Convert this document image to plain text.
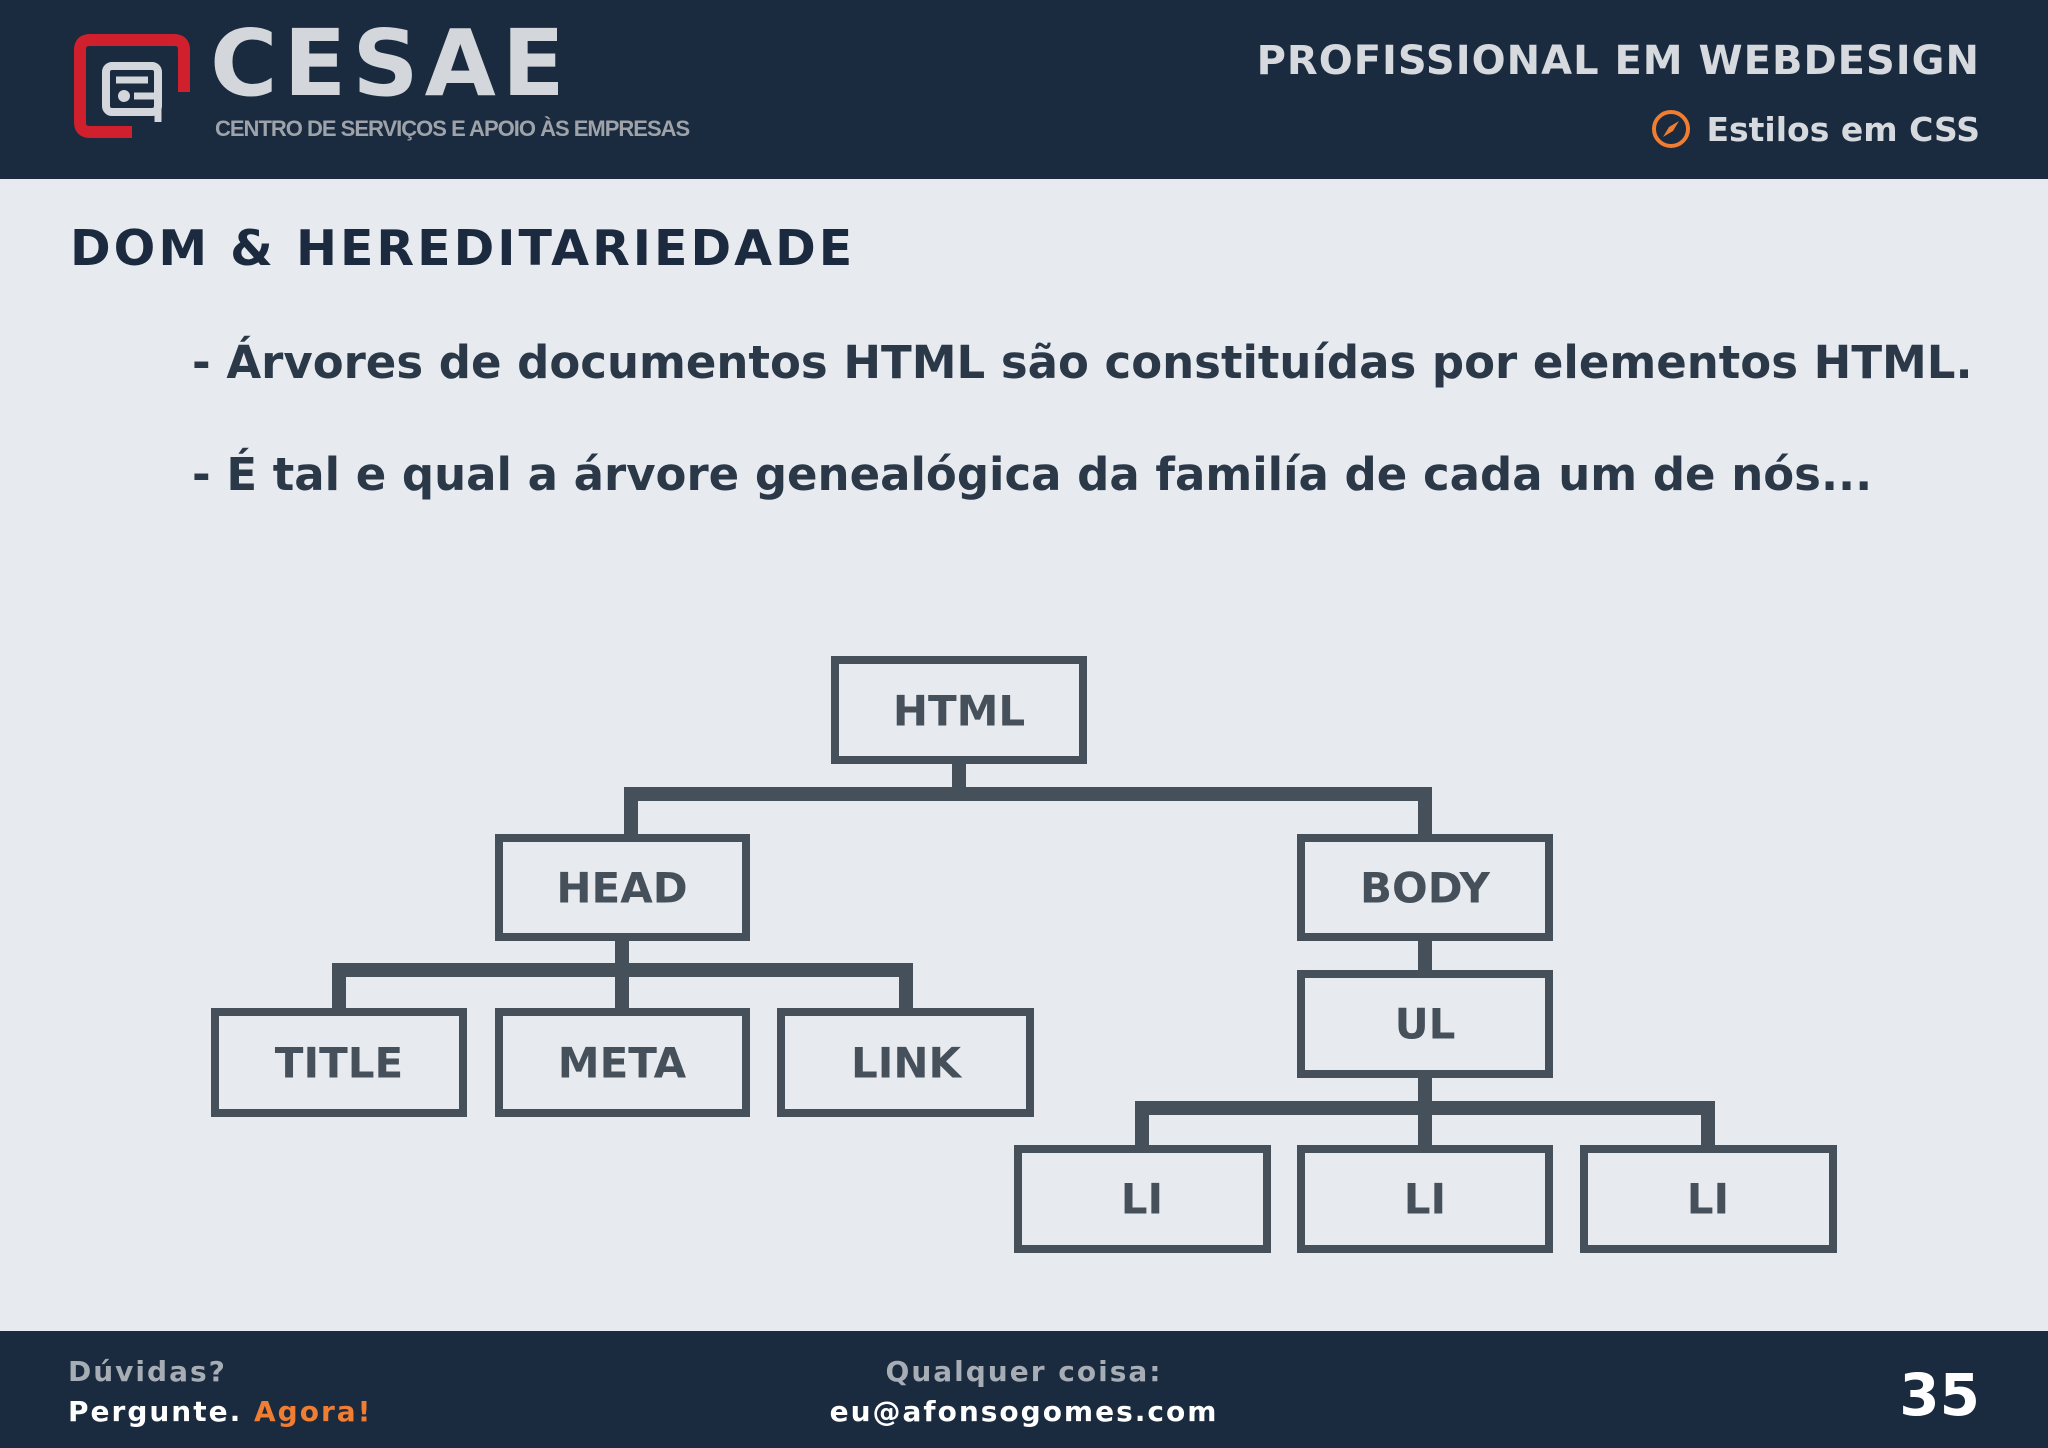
CESAE
CENTRO DE SERVIÇOS E APOIO ÀS EMPRESAS
PROFISSIONAL EM WEBDESIGN
Estilos em CSS
DOM & HEREDITARIEDADE
- Árvores de documentos HTML são constituídas por elementos HTML.
- É tal e qual a árvore genealógica da familía de cada um de nós...
HTML
HEAD	BODY
TITLE	META	LINK
UL
LI	LI	LI
Dúvidas?
Pergunte. Agora!
Qualquer coisa:
eu@afonsogomes.com	35
